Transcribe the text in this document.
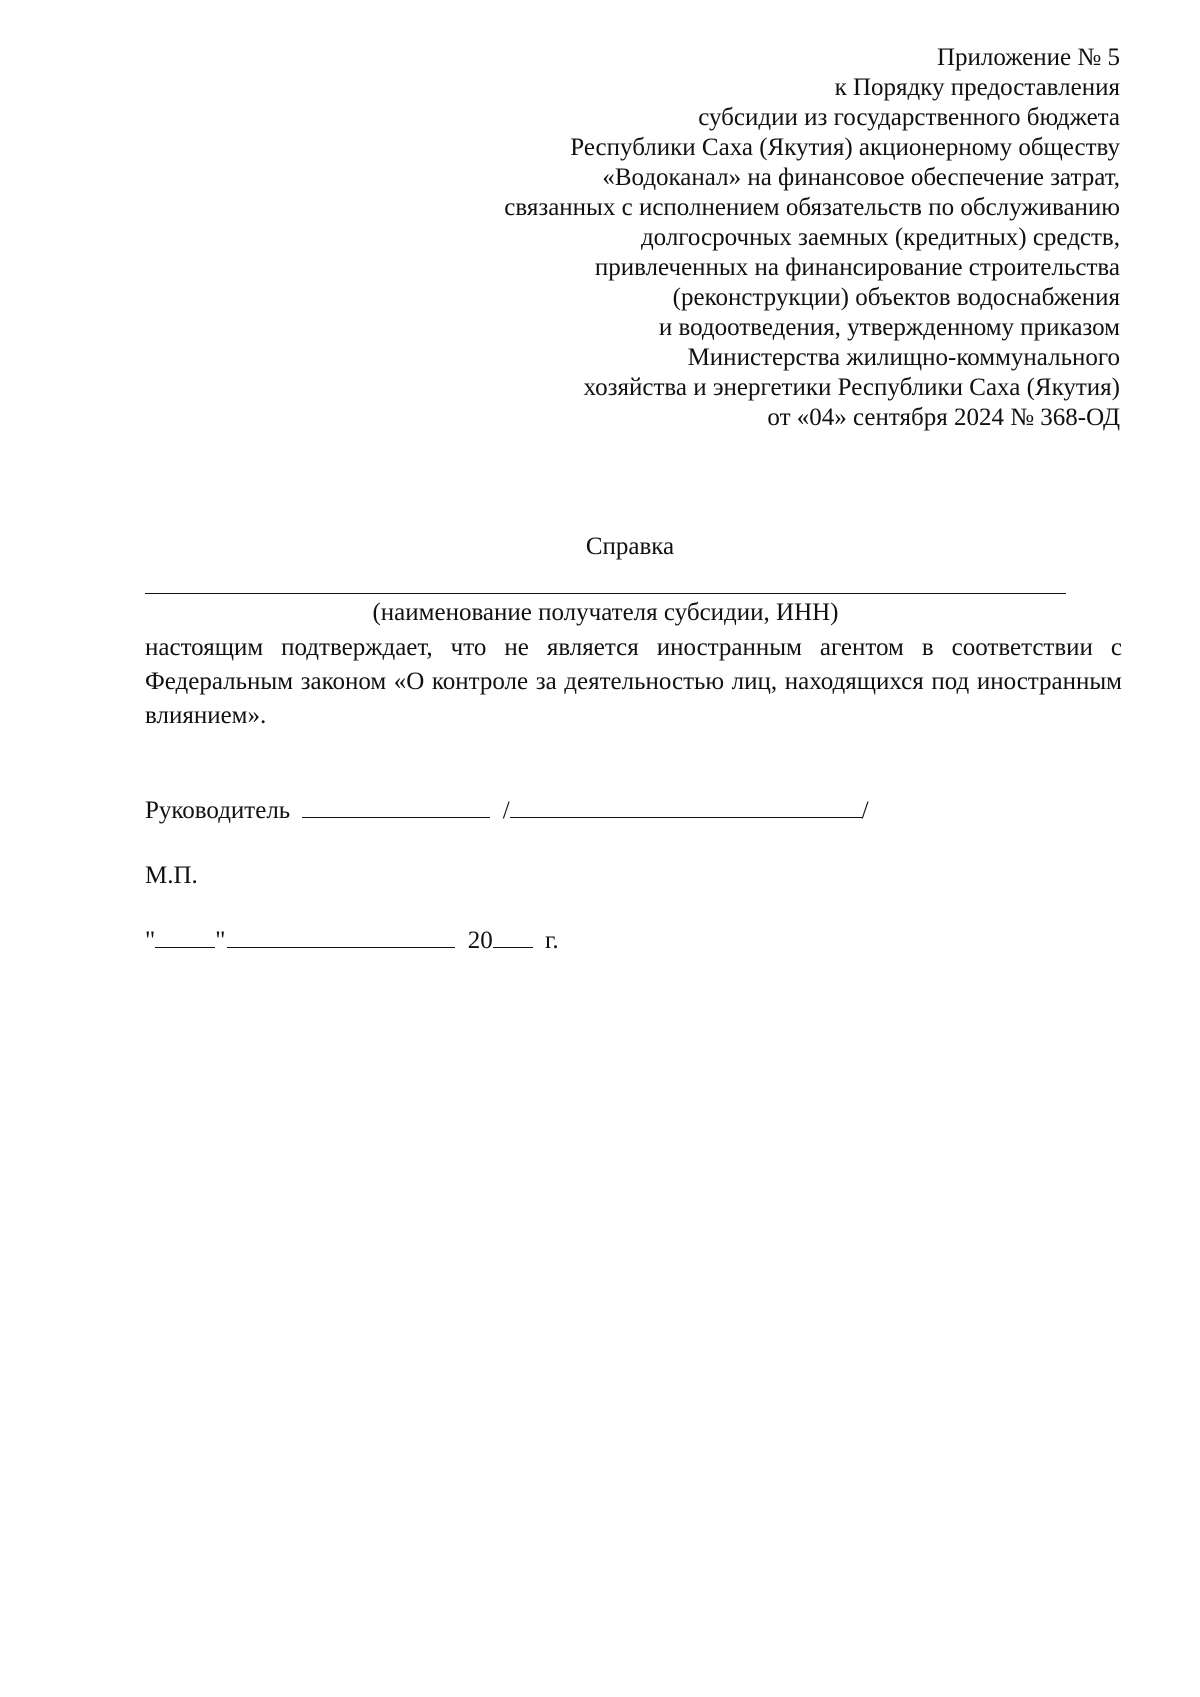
Приложение № 5
к Порядку предоставления
субсидии из государственного бюджета
Республики Саха (Якутия) акционерному обществу
«Водоканал» на финансовое обеспечение затрат,
связанных с исполнением обязательств по обслуживанию
долгосрочных заемных (кредитных) средств,
привлеченных на финансирование строительства
(реконструкции) объектов водоснабжения
и водоотведения, утвержденному приказом
Министерства жилищно-коммунального
хозяйства и энергетики Республики Саха (Якутия)
от «04» сентября 2024 № 368-ОД
Справка
(наименование получателя субсидии, ИНН)
настоящим подтверждает, что не является иностранным агентом в соответствии с Федеральным законом «О контроле за деятельностью лиц, находящихся под иностранным влиянием».
Руководитель	/	/
М.П.
" "	20 г.
